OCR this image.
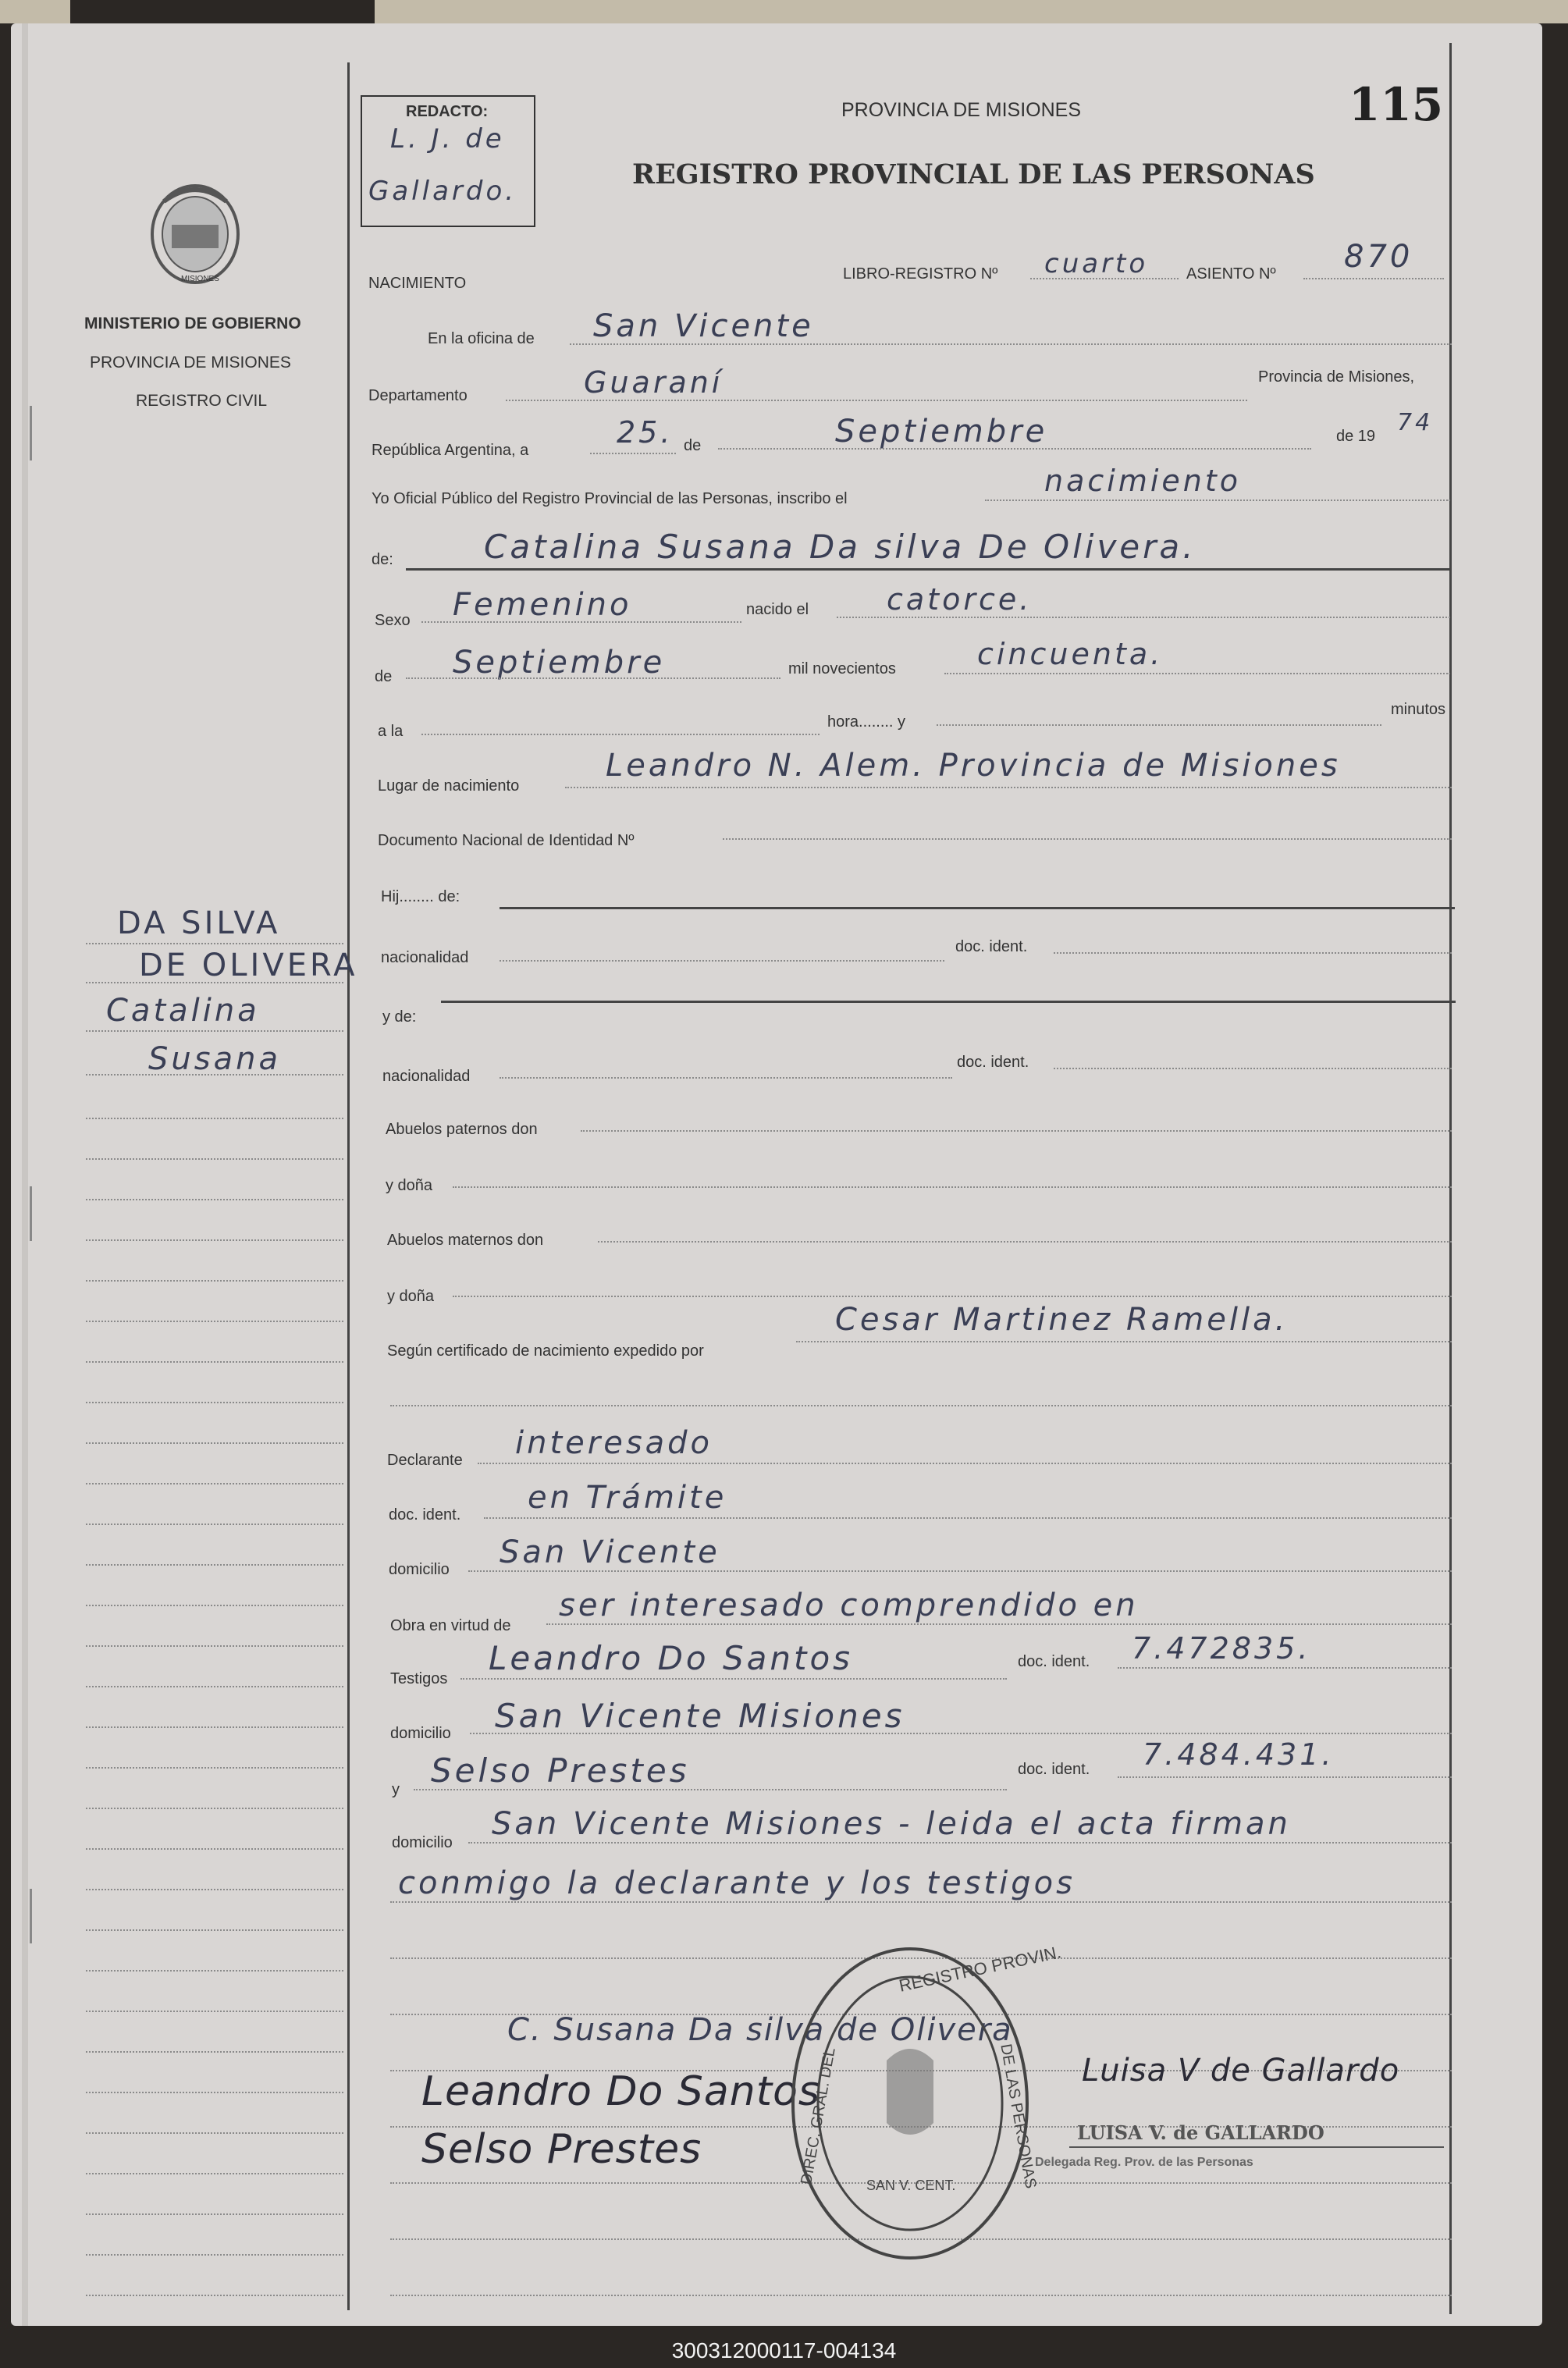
MISIONES
MINISTERIO DE GOBIERNO
PROVINCIA DE MISIONES
REGISTRO CIVIL
REDACTO:
L. J. de
Gallardo.
PROVINCIA DE MISIONES	115
REGISTRO PROVINCIAL DE LAS PERSONAS
NACIMIENTO
LIBRO-REGISTRO Nº cuarto ASIENTO Nº 870
En la oficina de San Vicente
Departamento	Guaraní	Provincia de Misiones,
República Argentina, a
25. de	Septiembre	de 19 74
Yo Oficial Público del Registro Provincial de las Personas, inscribo el
nacimiento
de:	Catalina Susana Da silva De Olivera.
Sexo Femenino	nacido el	catorce.
de Septiembre	mil novecientos	cincuenta.
a la
hora........ y
minutos
Lugar de nacimiento
Leandro N. Alem. Provincia de Misiones
Documento Nacional de Identidad Nº
Hij........ de:
nacionalidad
doc. ident.
y de:
nacionalidad
doc. ident.
Abuelos paternos don
y doña
Abuelos maternos don
y doña
Según certificado de nacimiento expedido por
Cesar Martinez Ramella.
Declarante interesado
doc. ident. en Trámite
domicilio San Vicente
Obra en virtud de
ser interesado comprendido en
Testigos
Leandro Do Santos	doc. ident. 7.472835.
domicilio San Vicente Misiones
y Selso Prestes	doc. ident. 7.484.431.
domicilio
San Vicente Misiones - leida el acta firman
conmigo la declarante y los testigos
DA SILVA
DE OLIVERA
Catalina
Susana
C. Susana Da silva de Olivera
Leandro Do Santos
Selso Prestes
Luisa V de Gallardo
LUISA V. de GALLARDO
Delegada Reg. Prov. de las Personas
REGISTRO PROVIN.
DIREC. GRAL. DEL	DE LAS PERSONAS
SAN V. CENT.
300312000117-004134
